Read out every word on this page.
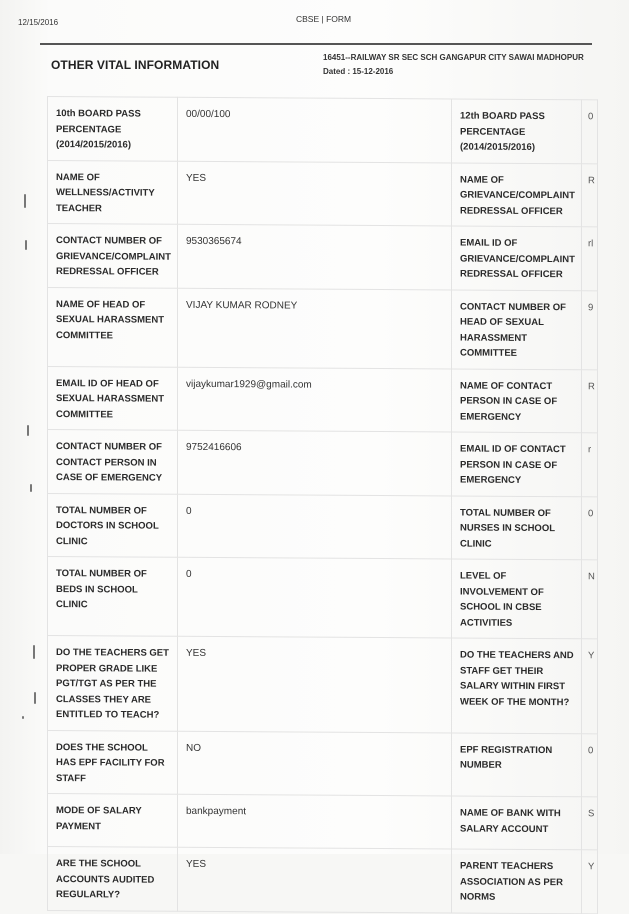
12/15/2016	CBSE | FORM
OTHER VITAL INFORMATION
16451--RAILWAY SR SEC SCH GANGAPUR CITY SAWAI MADHOPUR
Dated : 15-12-2016
10th BOARD PASS PERCENTAGE (2014/2015/2016)	00/00/100	12th BOARD PASS PERCENTAGE (2014/2015/2016)	0
NAME OF WELLNESS/ACTIVITY TEACHER	YES	NAME OF GRIEVANCE/COMPLAINT REDRESSAL OFFICER	R
CONTACT NUMBER OF GRIEVANCE/COMPLAINT REDRESSAL OFFICER	9530365674	EMAIL ID OF GRIEVANCE/COMPLAINT REDRESSAL OFFICER	rl
NAME OF HEAD OF SEXUAL HARASSMENT COMMITTEE	VIJAY KUMAR RODNEY	CONTACT NUMBER OF HEAD OF SEXUAL HARASSMENT COMMITTEE	9
EMAIL ID OF HEAD OF SEXUAL HARASSMENT COMMITTEE	vijaykumar1929@gmail.com	NAME OF CONTACT PERSON IN CASE OF EMERGENCY	R
CONTACT NUMBER OF CONTACT PERSON IN CASE OF EMERGENCY	9752416606	EMAIL ID OF CONTACT PERSON IN CASE OF EMERGENCY	r
TOTAL NUMBER OF DOCTORS IN SCHOOL CLINIC	0	TOTAL NUMBER OF NURSES IN SCHOOL CLINIC	0
TOTAL NUMBER OF BEDS IN SCHOOL CLINIC	0	LEVEL OF INVOLVEMENT OF SCHOOL IN CBSE ACTIVITIES	N
DO THE TEACHERS GET PROPER GRADE LIKE PGT/TGT AS PER THE CLASSES THEY ARE ENTITLED TO TEACH?	YES	DO THE TEACHERS AND STAFF GET THEIR SALARY WITHIN FIRST WEEK OF THE MONTH?	Y
DOES THE SCHOOL HAS EPF FACILITY FOR STAFF	NO	EPF REGISTRATION NUMBER	0
MODE OF SALARY PAYMENT	bankpayment	NAME OF BANK WITH SALARY ACCOUNT	S
ARE THE SCHOOL ACCOUNTS AUDITED REGULARLY?	YES	PARENT TEACHERS ASSOCIATION AS PER NORMS	Y
